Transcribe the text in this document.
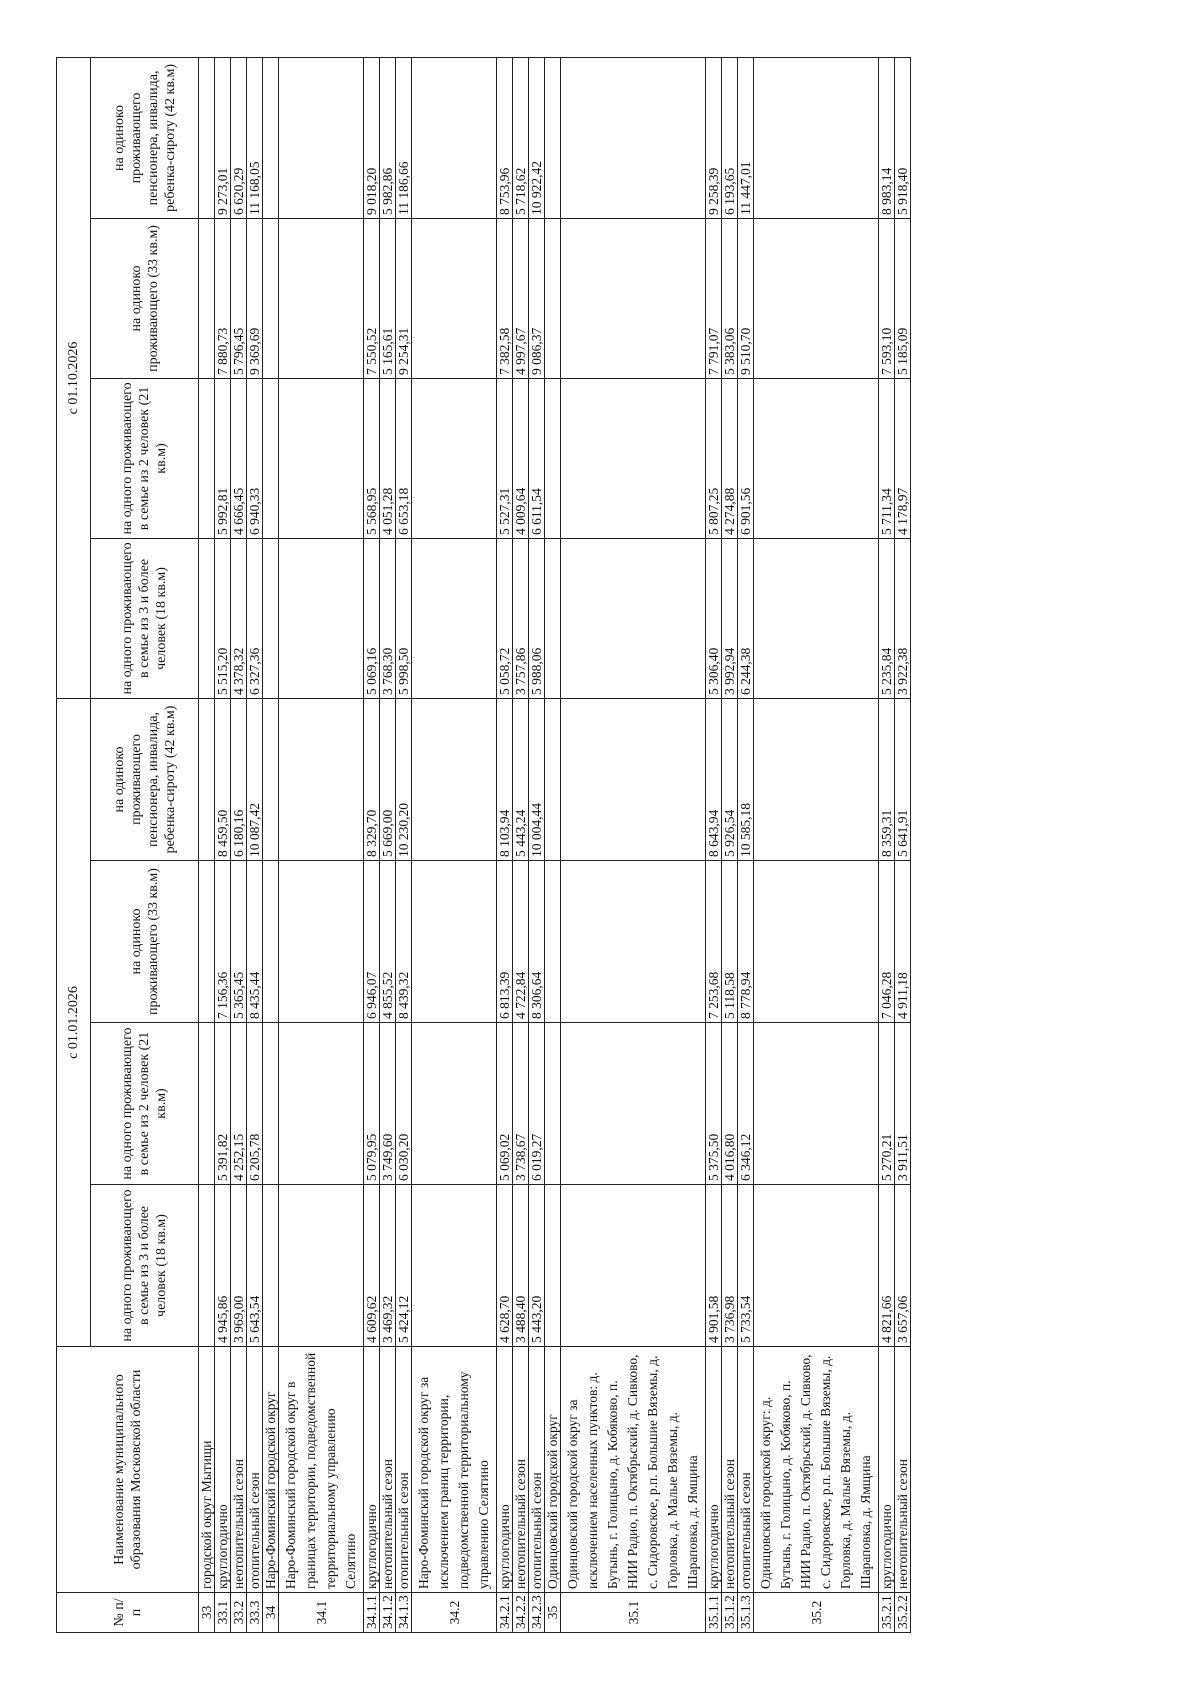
№ п/п	Наименование муниципального образования Московской области	с 01.01.2026				с 01.10.2026			
		на одного проживающего в семье из 3 и более человек (18 кв.м)	на одного проживающего в семье из 2 человек (21 кв.м)	на одиноко проживающего (33 кв.м)	на одиноко проживающего пенсионера, инвалида, ребенка-сироту (42 кв.м)	на одного проживающего в семье из 3 и более человек (18 кв.м)	на одного проживающего в семье из 2 человек (21 кв.м)	на одиноко проживающего (33 кв.м)	на одиноко проживающего пенсионера, инвалида, ребенка-сироту (42 кв.м)
33	городской округ Мытищи								
33.1	круглогодично	4 945,86	5 391,82	7 156,36	8 459,50	5 515,20	5 992,81	7 880,73	9 273,01
33.2	неотопительный сезон	3 969,00	4 252,15	5 365,45	6 180,16	4 378,32	4 666,45	5 796,45	6 620,29
33.3	отопительный сезон	5 643,54	6 205,78	8 435,44	10 087,42	6 327,36	6 940,33	9 369,69	11 168,05
34	Наро-Фоминский городской округ								
34.1	Наро-Фоминский городской округ в границах территории, подведомственной территориальному управлению Селятино								
34.1.1	круглогодично	4 609,62	5 079,95	6 946,07	8 329,70	5 069,16	5 568,95	7 550,52	9 018,20
34.1.2	неотопительный сезон	3 469,32	3 749,60	4 855,52	5 669,00	3 768,30	4 051,28	5 165,61	5 982,86
34.1.3	отопительный сезон	5 424,12	6 030,20	8 439,32	10 230,20	5 998,50	6 653,18	9 254,31	11 186,66
34.2	Наро-Фоминский городской округ за исключением границ территории, подведомственной территориальному управлению Селятино								
34.2.1	круглогодично	4 628,70	5 069,02	6 813,39	8 103,94	5 058,72	5 527,31	7 382,58	8 753,96
34.2.2	неотопительный сезон	3 488,40	3 738,67	4 722,84	5 443,24	3 757,86	4 009,64	4 997,67	5 718,62
34.2.3	отопительный сезон	5 443,20	6 019,27	8 306,64	10 004,44	5 988,06	6 611,54	9 086,37	10 922,42
35	Одинцовский городской округ								
35.1	Одинцовский городской округ за исключением населенных пунктов: д. Бутынь, г. Голицыно, д. Кобяково, п. НИИ Радио, п. Октябрьский, д. Сивково, с. Сидоровское, р.п. Большие Вяземы, д. Горловка, д. Малые Вяземы, д. Шараповка, д. Ямщина								
35.1.1	круглогодично	4 901,58	5 375,50	7 253,68	8 643,94	5 306,40	5 807,25	7 791,07	9 258,39
35.1.2	неотопительный сезон	3 736,98	4 016,80	5 118,58	5 926,54	3 992,94	4 274,88	5 383,06	6 193,65
35.1.3	отопительный сезон	5 733,54	6 346,12	8 778,94	10 585,18	6 244,38	6 901,56	9 510,70	11 447,01
35.2	Одинцовский городской округ: д. Бутынь, г. Голицыно, д. Кобяково, п. НИИ Радио, п. Октябрьский, д. Сивково, с. Сидоровское, р.п. Большие Вяземы, д. Горловка, д. Малые Вяземы, д. Шараповка, д. Ямщина								
35.2.1	круглогодично	4 821,66	5 270,21	7 046,28	8 359,31	5 235,84	5 711,34	7 593,10	8 983,14
35.2.2	неотопительный сезон	3 657,06	3 911,51	4 911,18	5 641,91	3 922,38	4 178,97	5 185,09	5 918,40
